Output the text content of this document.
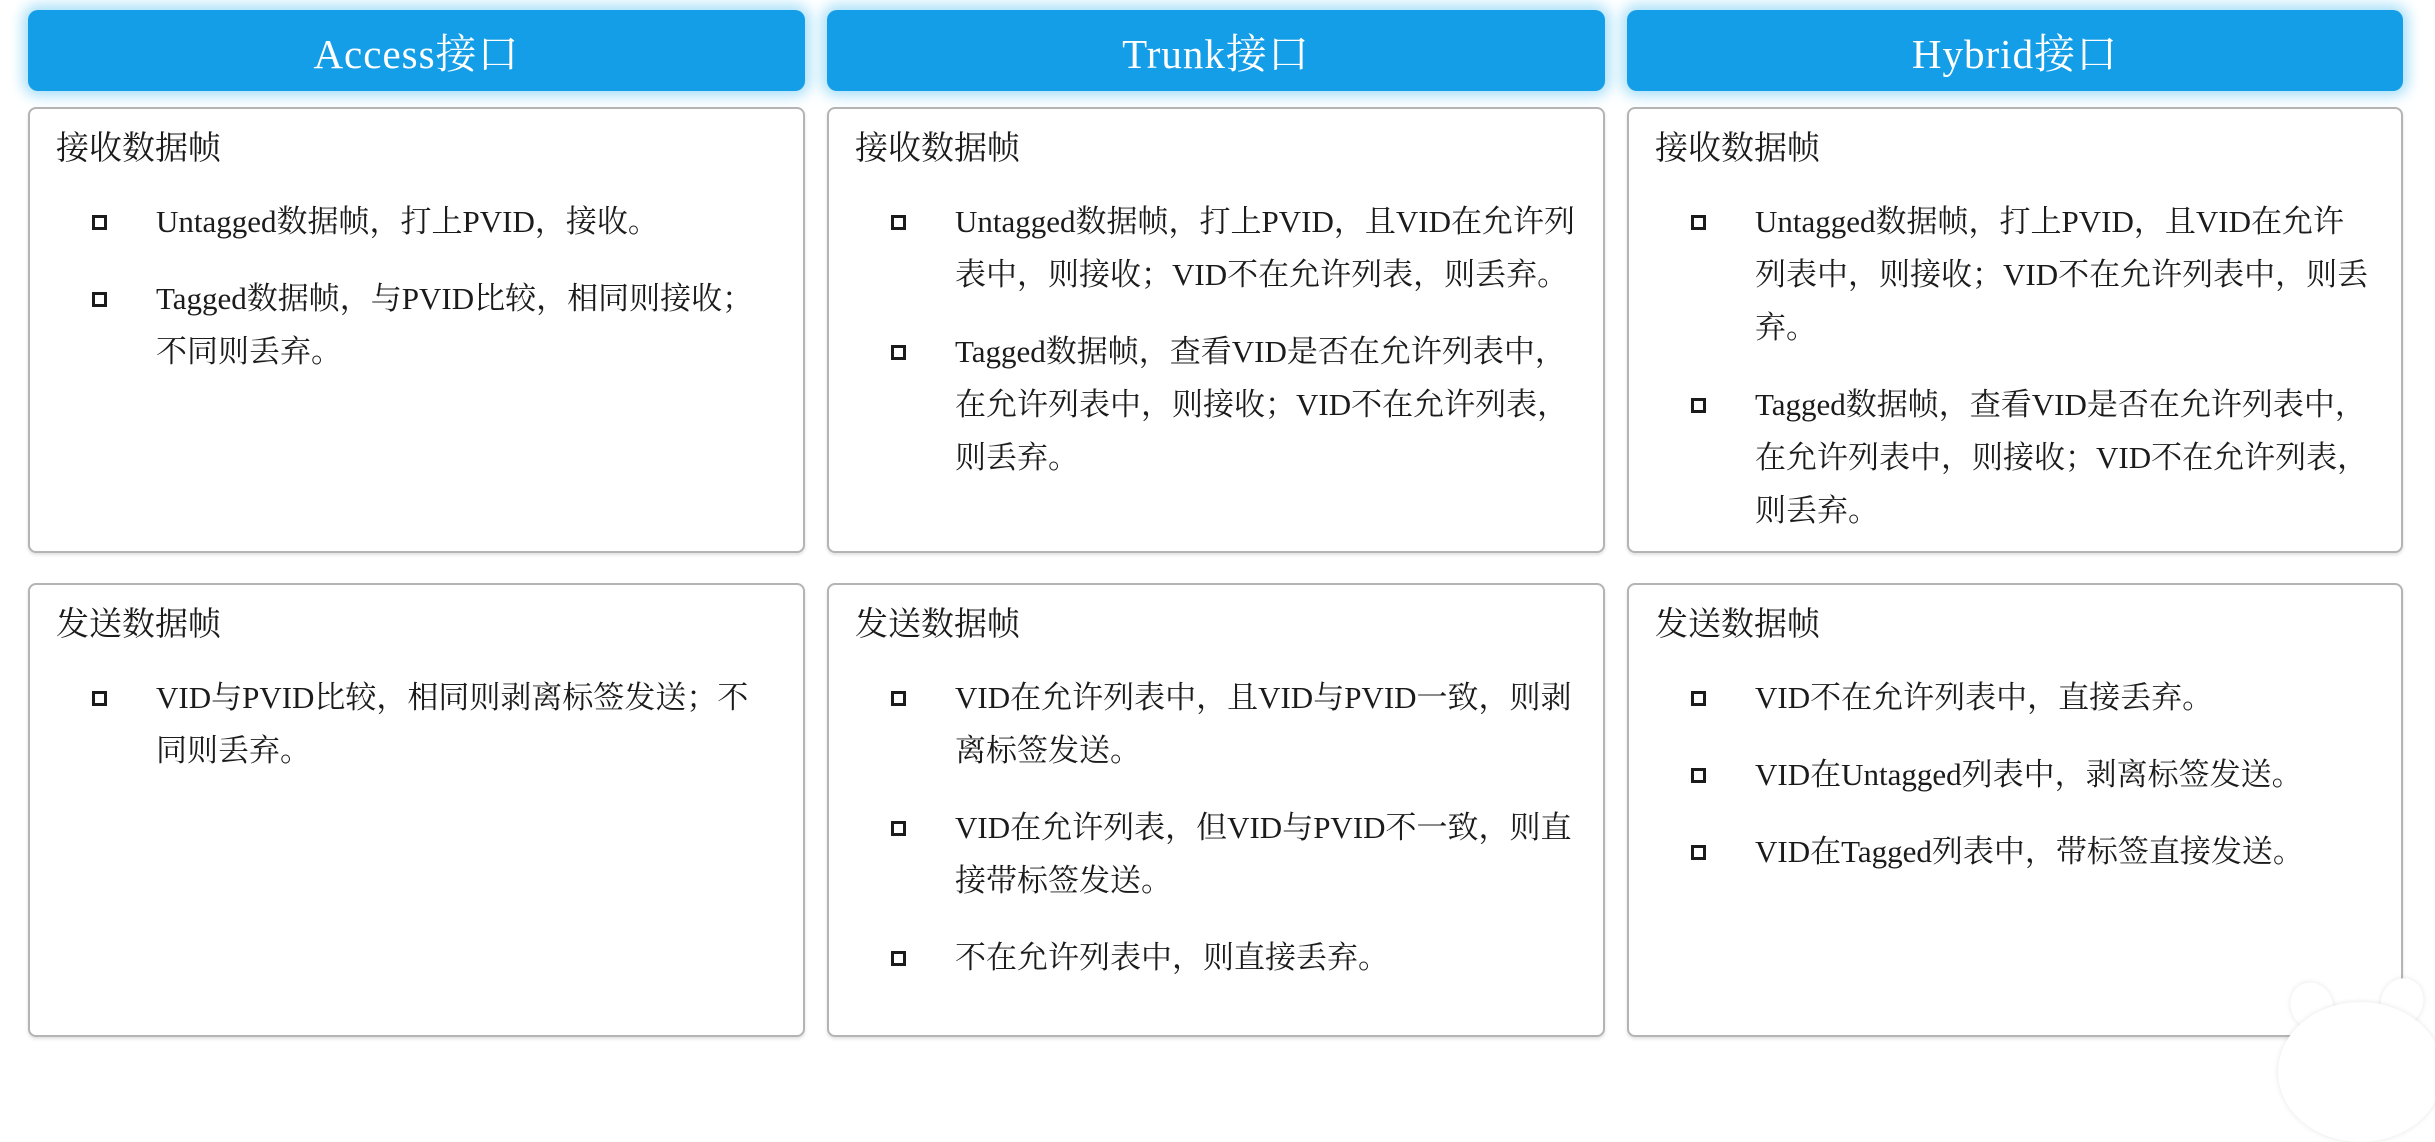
Access接口
接收数据帧
Untagged数据帧，打上PVID，接收。
Tagged数据帧，与PVID比较，相同则接收；不同则丢弃。
发送数据帧
VID与PVID比较，相同则剥离标签发送；不同则丢弃。
Trunk接口
接收数据帧
Untagged数据帧，打上PVID，且VID在允许列表中，则接收；VID不在允许列表，则丢弃。
Tagged数据帧，查看VID是否在允许列表中，在允许列表中，则接收；VID不在允许列表，则丢弃。
发送数据帧
VID在允许列表中，且VID与PVID一致，则剥离标签发送。
VID在允许列表，但VID与PVID不一致，则直接带标签发送。
不在允许列表中，则直接丢弃。
Hybrid接口
接收数据帧
Untagged数据帧，打上PVID，且VID在允许列表中，则接收；VID不在允许列表中，则丢弃。
Tagged数据帧，查看VID是否在允许列表中，在允许列表中，则接收；VID不在允许列表，则丢弃。
发送数据帧
VID不在允许列表中，直接丢弃。
VID在Untagged列表中，剥离标签发送。
VID在Tagged列表中，带标签直接发送。
